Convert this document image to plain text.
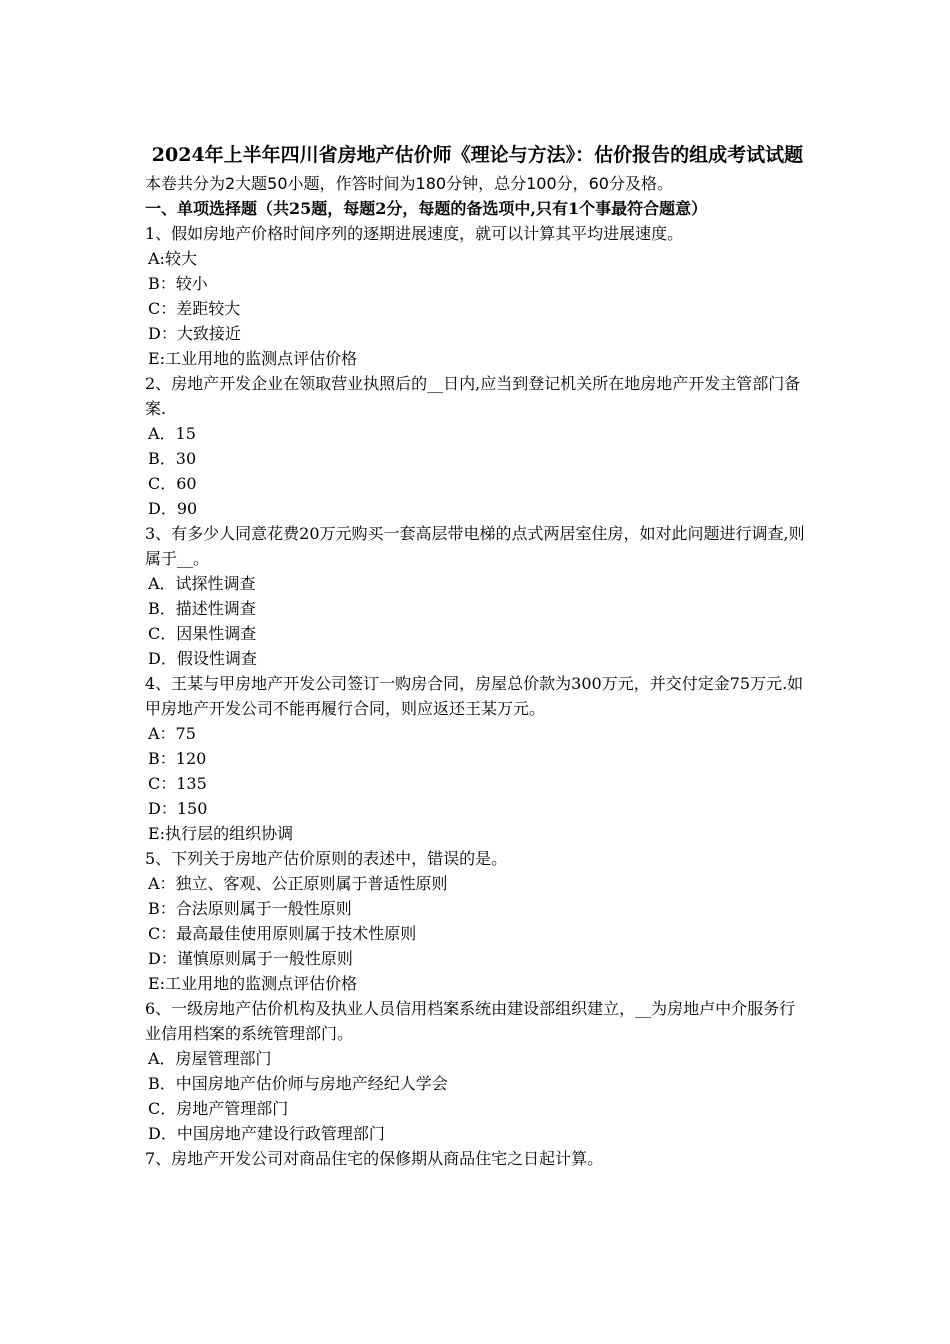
2024年上半年四川省房地产估价师《理论与方法》：估价报告的组成考试试题
本卷共分为2大题50小题，作答时间为180分钟，总分100分，60分及格。
一、单项选择题（共25题，每题2分，每题的备选项中,只有1个事最符合题意）
1、假如房地产价格时间序列的逐期进展速度，就可以计算其平均进展速度。
A:较大
B：较小
C：差距较大
D：大致接近
E:工业用地的监测点评估价格
2、房地产开发企业在领取营业执照后的__日内,应当到登记机关所在地房地产开发主管部门备案.
A．15
B．30
C．60
D．90
3、有多少人同意花费20万元购买一套高层带电梯的点式两居室住房，如对此问题进行调查,则属于__。
A．试探性调查
B．描述性调查
C．因果性调查
D．假设性调查
4、王某与甲房地产开发公司签订一购房合同，房屋总价款为300万元，并交付定金75万元.如甲房地产开发公司不能再履行合同，则应返还王某万元。
A：75
B：120
C：135
D：150
E:执行层的组织协调
5、下列关于房地产估价原则的表述中，错误的是。
A：独立、客观、公正原则属于普适性原则
B：合法原则属于一般性原则
C：最高最佳使用原则属于技术性原则
D：谨慎原则属于一般性原则
E:工业用地的监测点评估价格
6、一级房地产估价机构及执业人员信用档案系统由建设部组织建立，__为房地卢中介服务行业信用档案的系统管理部门。
A．房屋管理部门
B．中国房地产估价师与房地产经纪人学会
C．房地产管理部门
D．中国房地产建设行政管理部门
7、房地产开发公司对商品住宅的保修期从商品住宅之日起计算。
